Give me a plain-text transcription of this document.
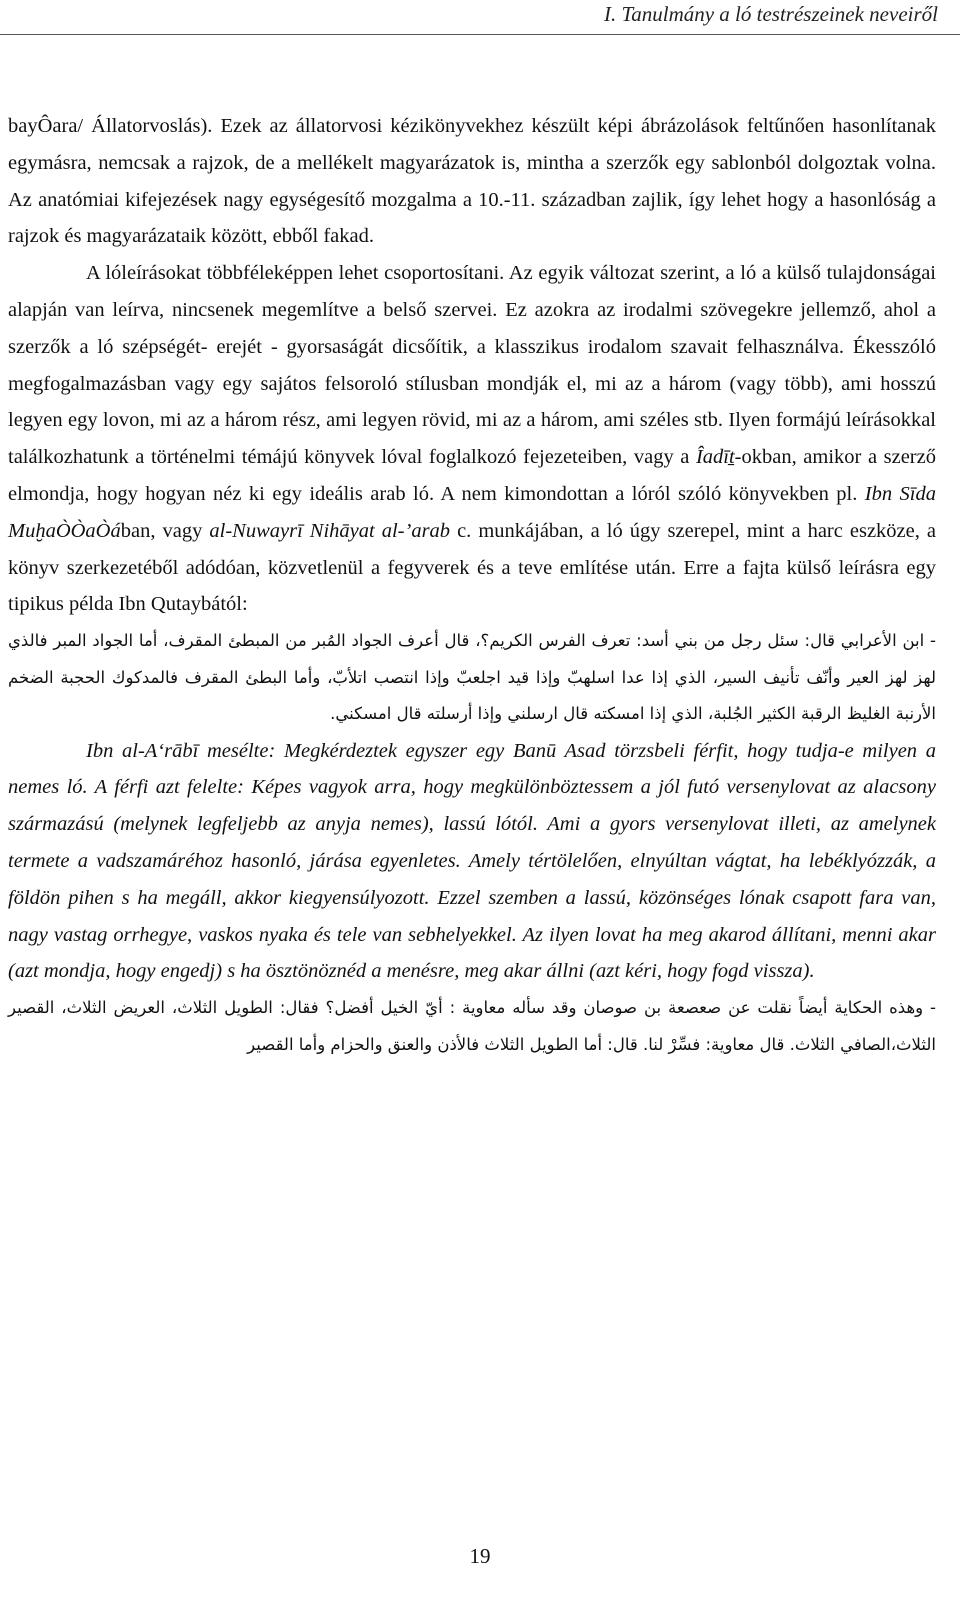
I. Tanulmány a ló testrészeinek neveiről

bayÔara/ Állatorvoslás). Ezek az állatorvosi kézikönyvekhez készült képi ábrázolások feltűnően hasonlítanak egymásra, nemcsak a rajzok, de a mellékelt magyarázatok is, mintha a szerzők egy sablonból dolgoztak volna. Az anatómiai kifejezések nagy egységesítő mozgalma a 10.-11. században zajlik, így lehet hogy a hasonlóság a rajzok és magyarázataik között, ebből fakad.

A lóleírásokat többféleképpen lehet csoportosítani. Az egyik változat szerint, a ló a külső tulajdonságai alapján van leírva, nincsenek megemlítve a belső szervei. Ez azokra az irodalmi szövegekre jellemző, ahol a szerzők a ló szépségét- erejét - gyorsaságát dicsőítik, a klasszikus irodalom szavait felhasználva. Ékesszóló megfogalmazásban vagy egy sajátos felsoroló stílusban mondják el, mi az a három (vagy több), ami hosszú legyen egy lovon, mi az a három rész, ami legyen rövid, mi az a három, ami széles stb. Ilyen formájú leírásokkal találkozhatunk a történelmi témájú könyvek lóval foglalkozó fejezeteiben, vagy a Îadīṯ-okban, amikor a szerző elmondja, hogy hogyan néz ki egy ideális arab ló. A nem kimondottan a lóról szóló könyvekben pl. Ibn Sīda MuḫaÒÒaÒában, vagy al-Nuwayrī Nihāyat al-’arab c. munkájában, a ló úgy szerepel, mint a harc eszköze, a könyv szerkezetéből adódóan, közvetlenül a fegyverek és a teve említése után. Erre a fajta külső leírásra egy tipikus példa Ibn Qutaybától:

- ابن الأعرابي قال: سئل رجل من بني أسد: تعرف الفرس الكريم؟، قال أعرف الجواد المُبر من المبطئ المقرف، أما الجواد المبر فالذي لهز لهز العير وأنّف تأنيف السير، الذي إذا عدا اسلهبّ وإذا قيد اجلعبّ وإذا انتصب اتلأبّ، وأما البطئ المقرف فالمدكوك الحجبة الضخم الأرنبة الغليظ الرقبة الكثير الجُلبة، الذي إذا امسكته قال ارسلني وإذا أرسلته قال امسكني.

Ibn al-A‘rābī mesélte: Megkérdeztek egyszer egy Banū Asad törzsbeli férfit, hogy tudja-e milyen a nemes ló. A férfi azt felelte: Képes vagyok arra, hogy megkülönböztessem a jól futó versenylovat az alacsony származású (melynek legfeljebb az anyja nemes), lassú lótól. Ami a gyors versenylovat illeti, az amelynek termete a vadszamáréhoz hasonló, járása egyenletes. Amely tértölelően, elnyúltan vágtat, ha lebéklyózzák, a földön pihen s ha megáll, akkor kiegyensúlyozott. Ezzel szemben a lassú, közönséges lónak csapott fara van, nagy vastag orrhegye, vaskos nyaka és tele van sebhelyekkel. Az ilyen lovat ha meg akarod állítani, menni akar (azt mondja, hogy engedj) s ha ösztönöznéd a menésre, meg akar állni (azt kéri, hogy fogd vissza).

- وهذه الحكاية أيضاً نقلت عن صعصعة بن صوصان وقد سأله معاوية : أيّ الخيل أفضل؟ فقال: الطويل الثلاث، العريض الثلاث، القصير الثلاث،الصافي الثلاث. قال معاوية: فسِّرْ لنا. قال: أما الطويل الثلاث فالأذن والعنق والحزام وأما القصير

19
